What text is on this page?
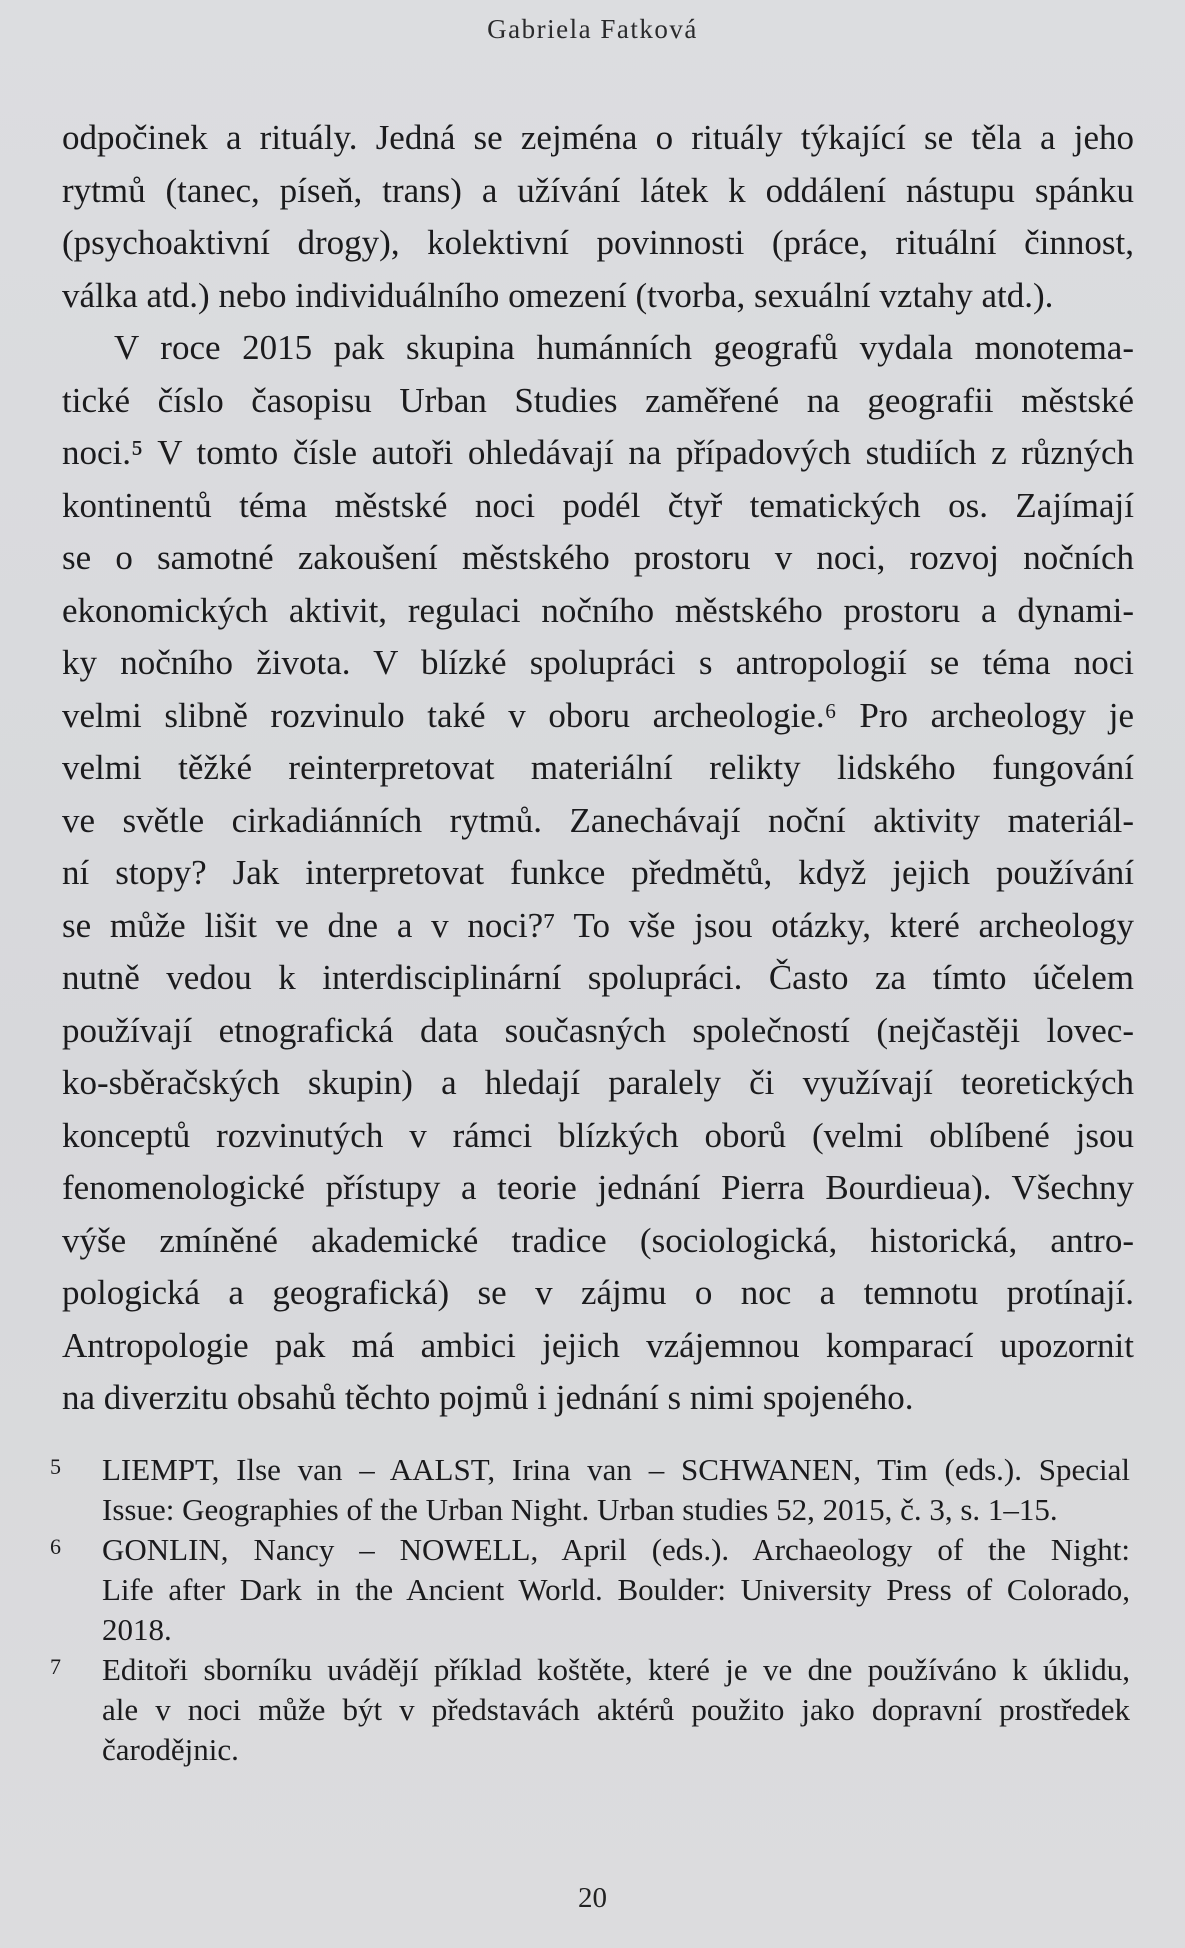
Gabriela Fatková
odpočinek a rituály. Jedná se zejména o rituály týkající se těla a jeho
rytmů (tanec, píseň, trans) a užívání látek k oddálení nástupu spánku
(psychoaktivní drogy), kolektivní povinnosti (práce, rituální činnost,
válka atd.) nebo individuálního omezení (tvorba, sexuální vztahy atd.).
V roce 2015 pak skupina humánních geografů vydala monotema-
tické číslo časopisu Urban Studies zaměřené na geografii městské
noci.⁵ V tomto čísle autoři ohledávají na případových studiích z různých
kontinentů téma městské noci podél čtyř tematických os. Zajímají
se o samotné zakoušení městského prostoru v noci, rozvoj nočních
ekonomických aktivit, regulaci nočního městského prostoru a dynami-
ky nočního života. V blízké spolupráci s antropologií se téma noci
velmi slibně rozvinulo také v oboru archeologie.⁶ Pro archeology je
velmi těžké reinterpretovat materiální relikty lidského fungování
ve světle cirkadiánních rytmů. Zanechávají noční aktivity materiál-
ní stopy? Jak interpretovat funkce předmětů, když jejich používání
se může lišit ve dne a v noci?⁷ To vše jsou otázky, které archeology
nutně vedou k interdisciplinární spolupráci. Často za tímto účelem
používají etnografická data současných společností (nejčastěji lovec-
ko-sběračských skupin) a hledají paralely či využívají teoretických
konceptů rozvinutých v rámci blízkých oborů (velmi oblíbené jsou
fenomenologické přístupy a teorie jednání Pierra Bourdieua). Všechny
výše zmíněné akademické tradice (sociologická, historická, antro-
pologická a geografická) se v zájmu o noc a temnotu protínají.
Antropologie pak má ambici jejich vzájemnou komparací upozornit
na diverzitu obsahů těchto pojmů i jednání s nimi spojeného.
5 LIEMPT, Ilse van – AALST, Irina van – SCHWANEN, Tim (eds.). Special
Issue: Geographies of the Urban Night. Urban studies 52, 2015, č. 3, s. 1–15.
6 GONLIN, Nancy – NOWELL, April (eds.). Archaeology of the Night:
Life after Dark in the Ancient World. Boulder: University Press of Colorado,
2018.
7 Editoři sborníku uvádějí příklad koštěte, které je ve dne používáno k úklidu,
ale v noci může být v představách aktérů použito jako dopravní prostředek
čarodějnic.
20
